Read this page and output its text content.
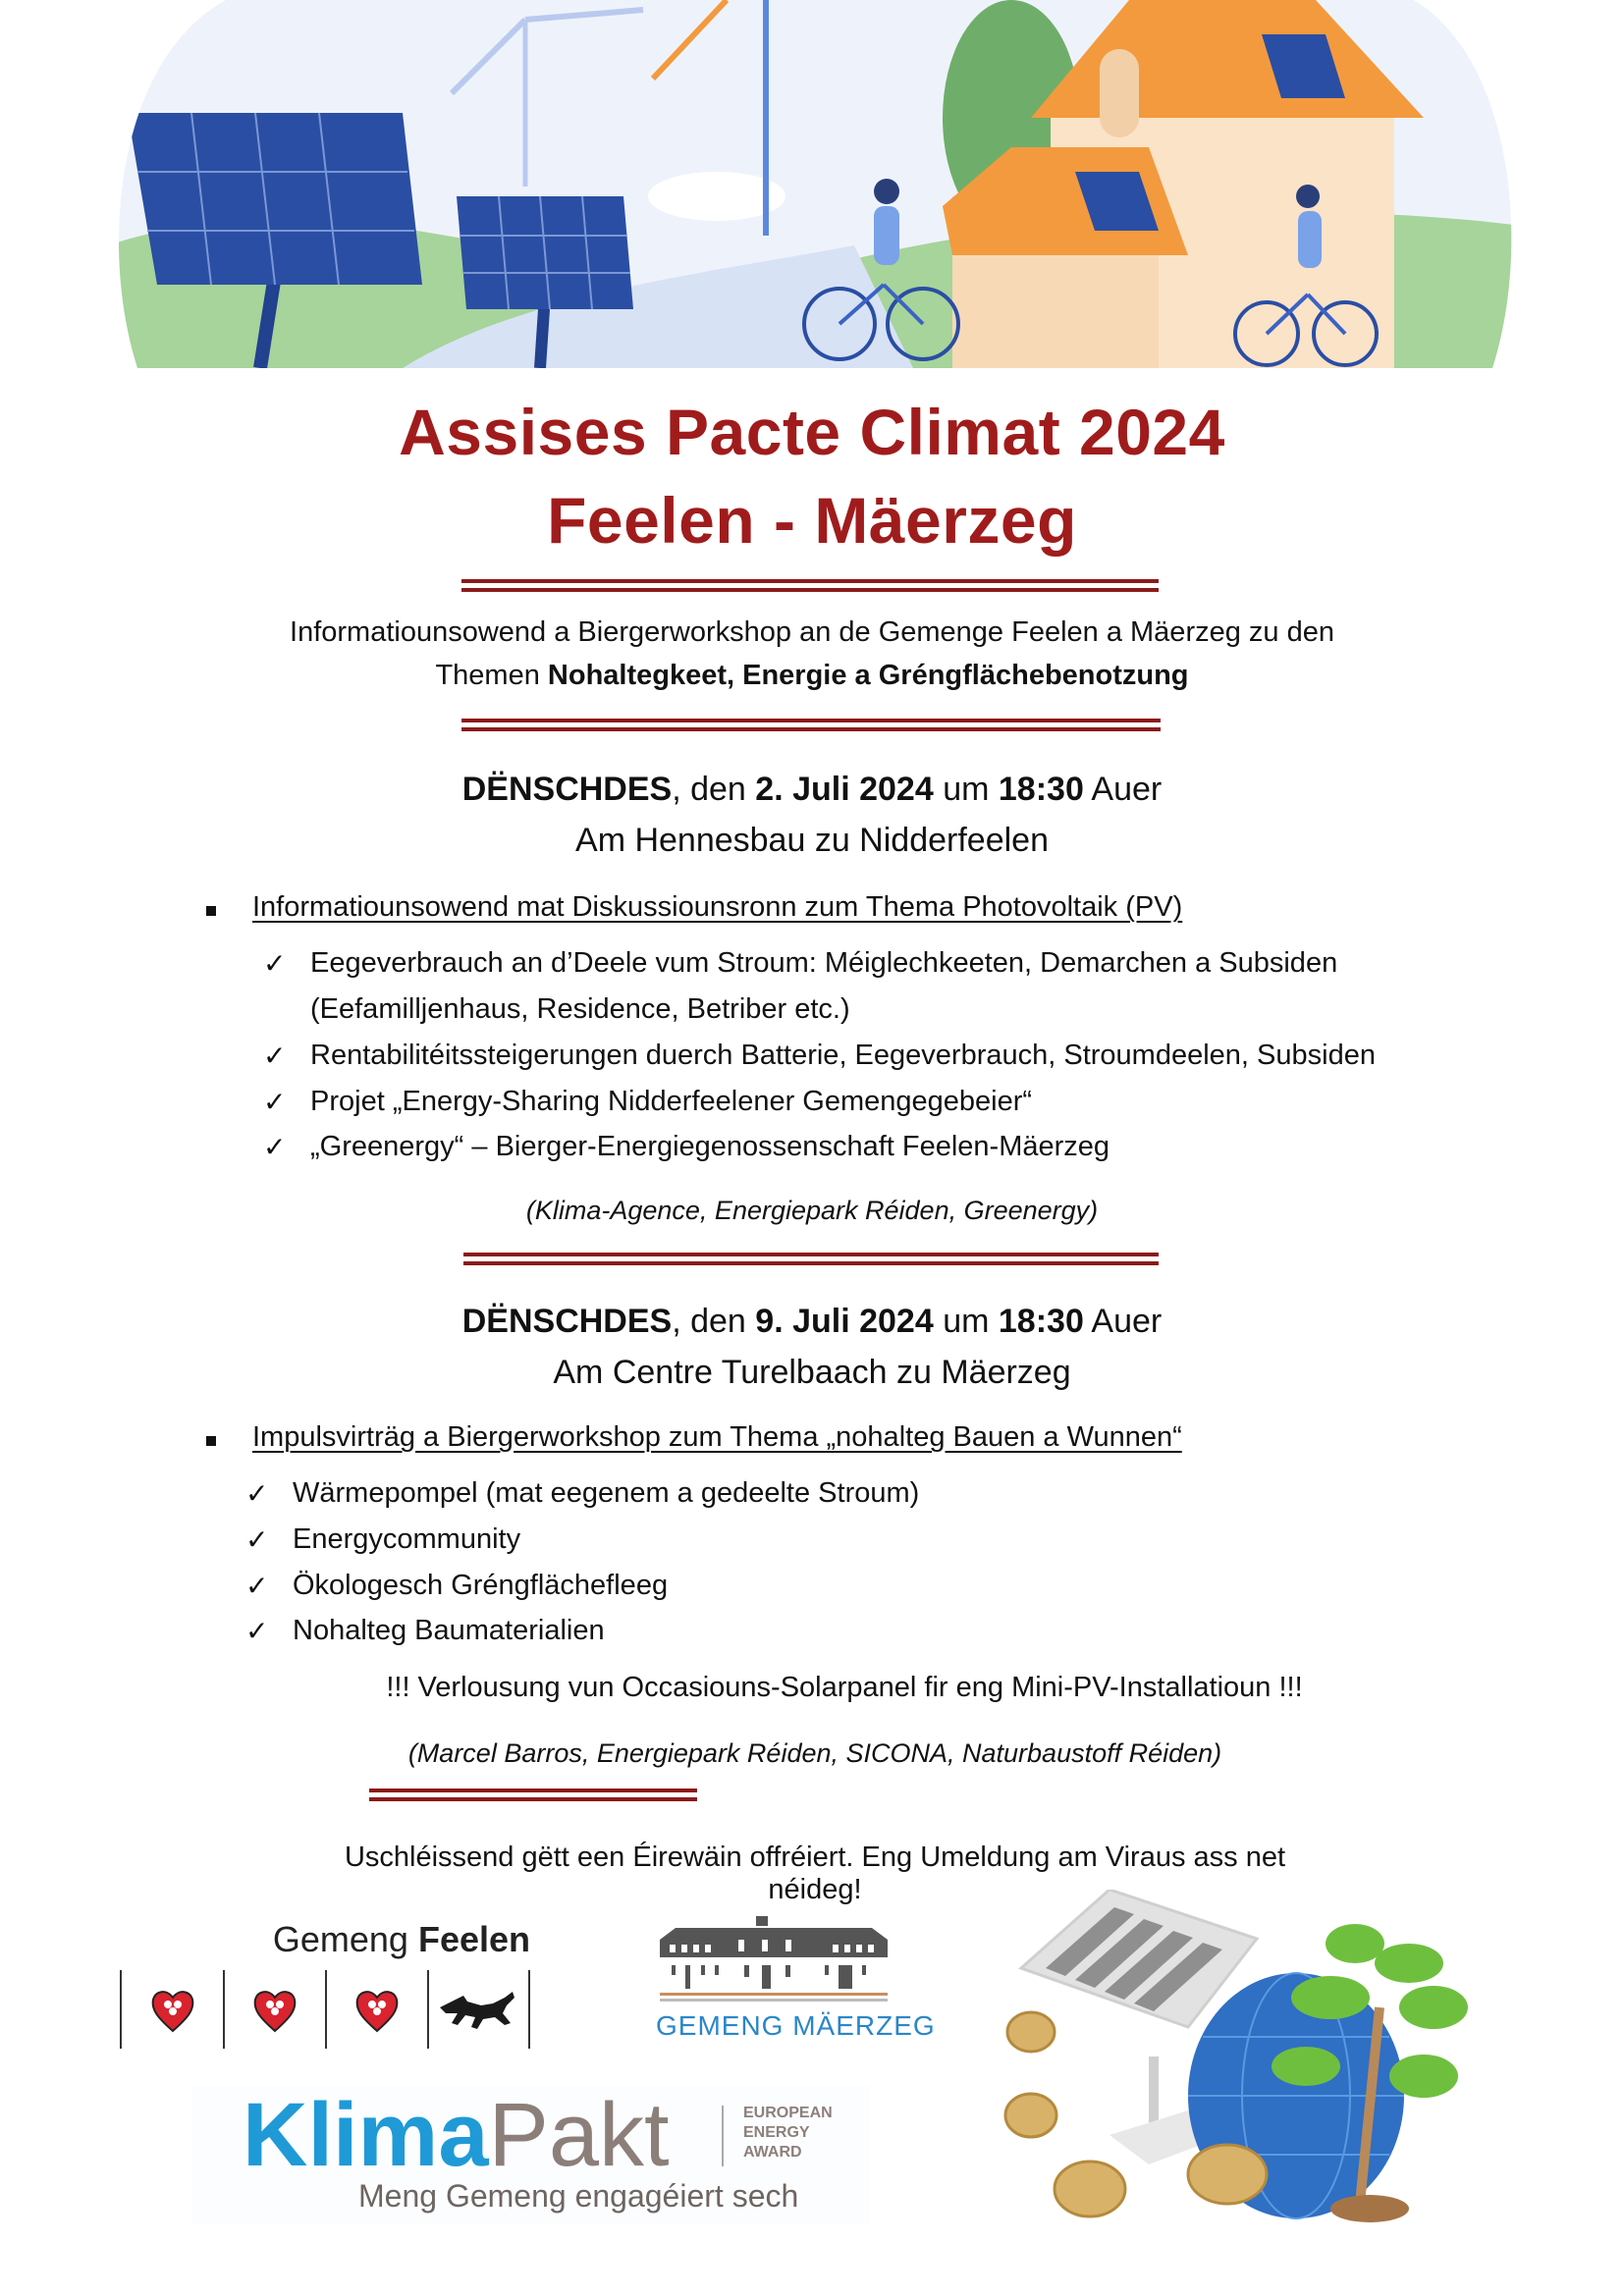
Assises Pacte Climat 2024
Feelen - Mäerzeg
Informatiounsowend a Biergerworkshop an de Gemenge Feelen a Mäerzeg zu den
Themen Nohaltegkeet, Energie a Gréngflächebenotzung
DËNSCHDES, den 2. Juli 2024 um 18:30 Auer
Am Hennesbau zu Nidderfeelen
Informatiounsowend mat Diskussiounsronn zum Thema Photovoltaik (PV)
✓ Eegeverbrauch an d’Deele vum Stroum: Méiglechkeeten, Demarchen a Subsiden
(Eefamilljenhaus, Residence, Betriber etc.)
✓ Rentabilitéitssteigerungen duerch Batterie, Eegeverbrauch, Stroumdeelen, Subsiden
✓ Projet „Energy-Sharing Nidderfeelener Gemengegebeier“
✓ „Greenergy“ – Bierger-Energiegenossenschaft Feelen-Mäerzeg
(Klima-Agence, Energiepark Réiden, Greenergy)
DËNSCHDES, den 9. Juli 2024 um 18:30 Auer
Am Centre Turelbaach zu Mäerzeg
Impulsvirträg a Biergerworkshop zum Thema „nohalteg Bauen a Wunnen“
✓ Wärmepompel (mat eegenem a gedeelte Stroum)
✓ Energycommunity
✓ Ökologesch Gréngflächefleeg
✓ Nohalteg Baumaterialien
!!! Verlousung vun Occasiouns-Solarpanel fir eng Mini-PV-Installatioun !!!
(Marcel Barros, Energiepark Réiden, SICONA, Naturbaustoff Réiden)
Uschléissend gëtt een Éirewäin offréiert. Eng Umeldung am Viraus ass net néideg!
Gemeng Feelen
GEMENG MÄERZEG
KlimaPakt	EUROPEAN
ENERGY
AWARD
Meng Gemeng engagéiert sech
